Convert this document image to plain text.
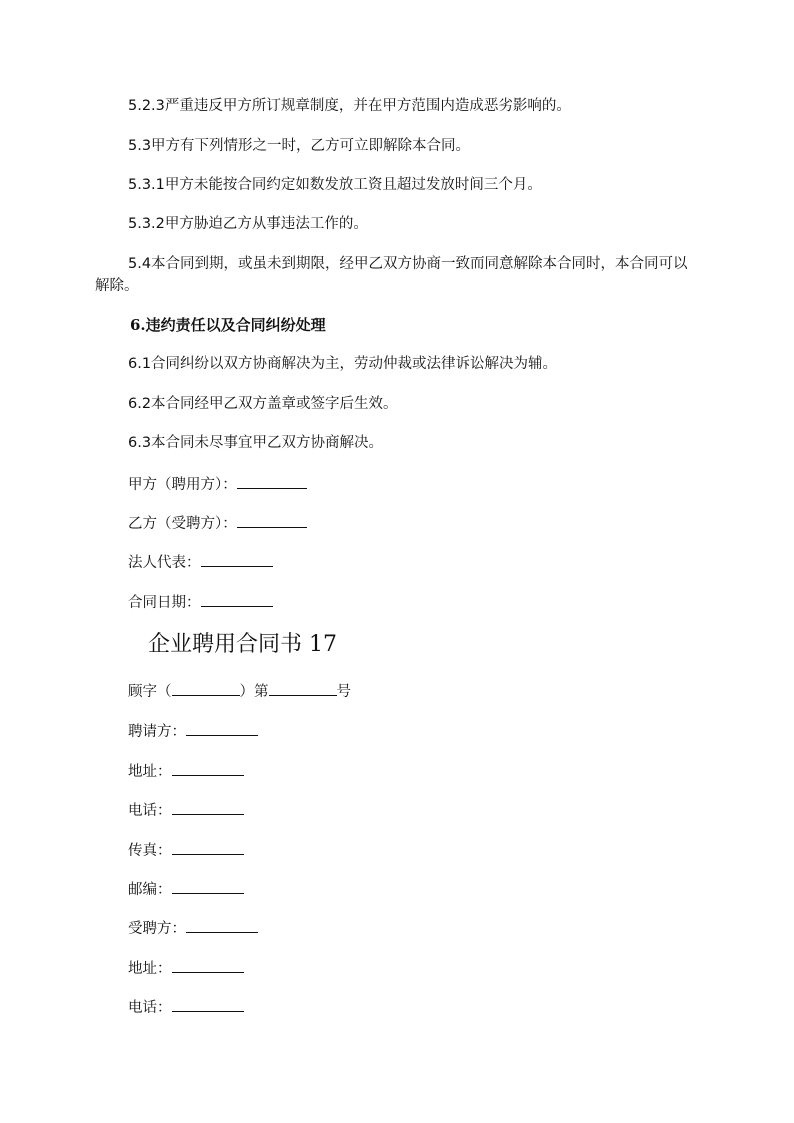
5.2.3严重违反甲方所订规章制度，并在甲方范围内造成恶劣影响的。
5.3甲方有下列情形之一时，乙方可立即解除本合同。
5.3.1甲方未能按合同约定如数发放工资且超过发放时间三个月。
5.3.2甲方胁迫乙方从事违法工作的。
5.4本合同到期，或虽未到期限，经甲乙双方协商一致而同意解除本合同时，本合同可以解除。
6.违约责任以及合同纠纷处理
6.1合同纠纷以双方协商解决为主，劳动仲裁或法律诉讼解决为辅。
6.2本合同经甲乙双方盖章或签字后生效。
6.3本合同未尽事宜甲乙双方协商解决。
甲方（聘用方）：
乙方（受聘方）：
法人代表：
合同日期：
企业聘用合同书 17
顾字（	）第	号
聘请方：
地址：
电话：
传真：
邮编：
受聘方：
地址：
电话：
